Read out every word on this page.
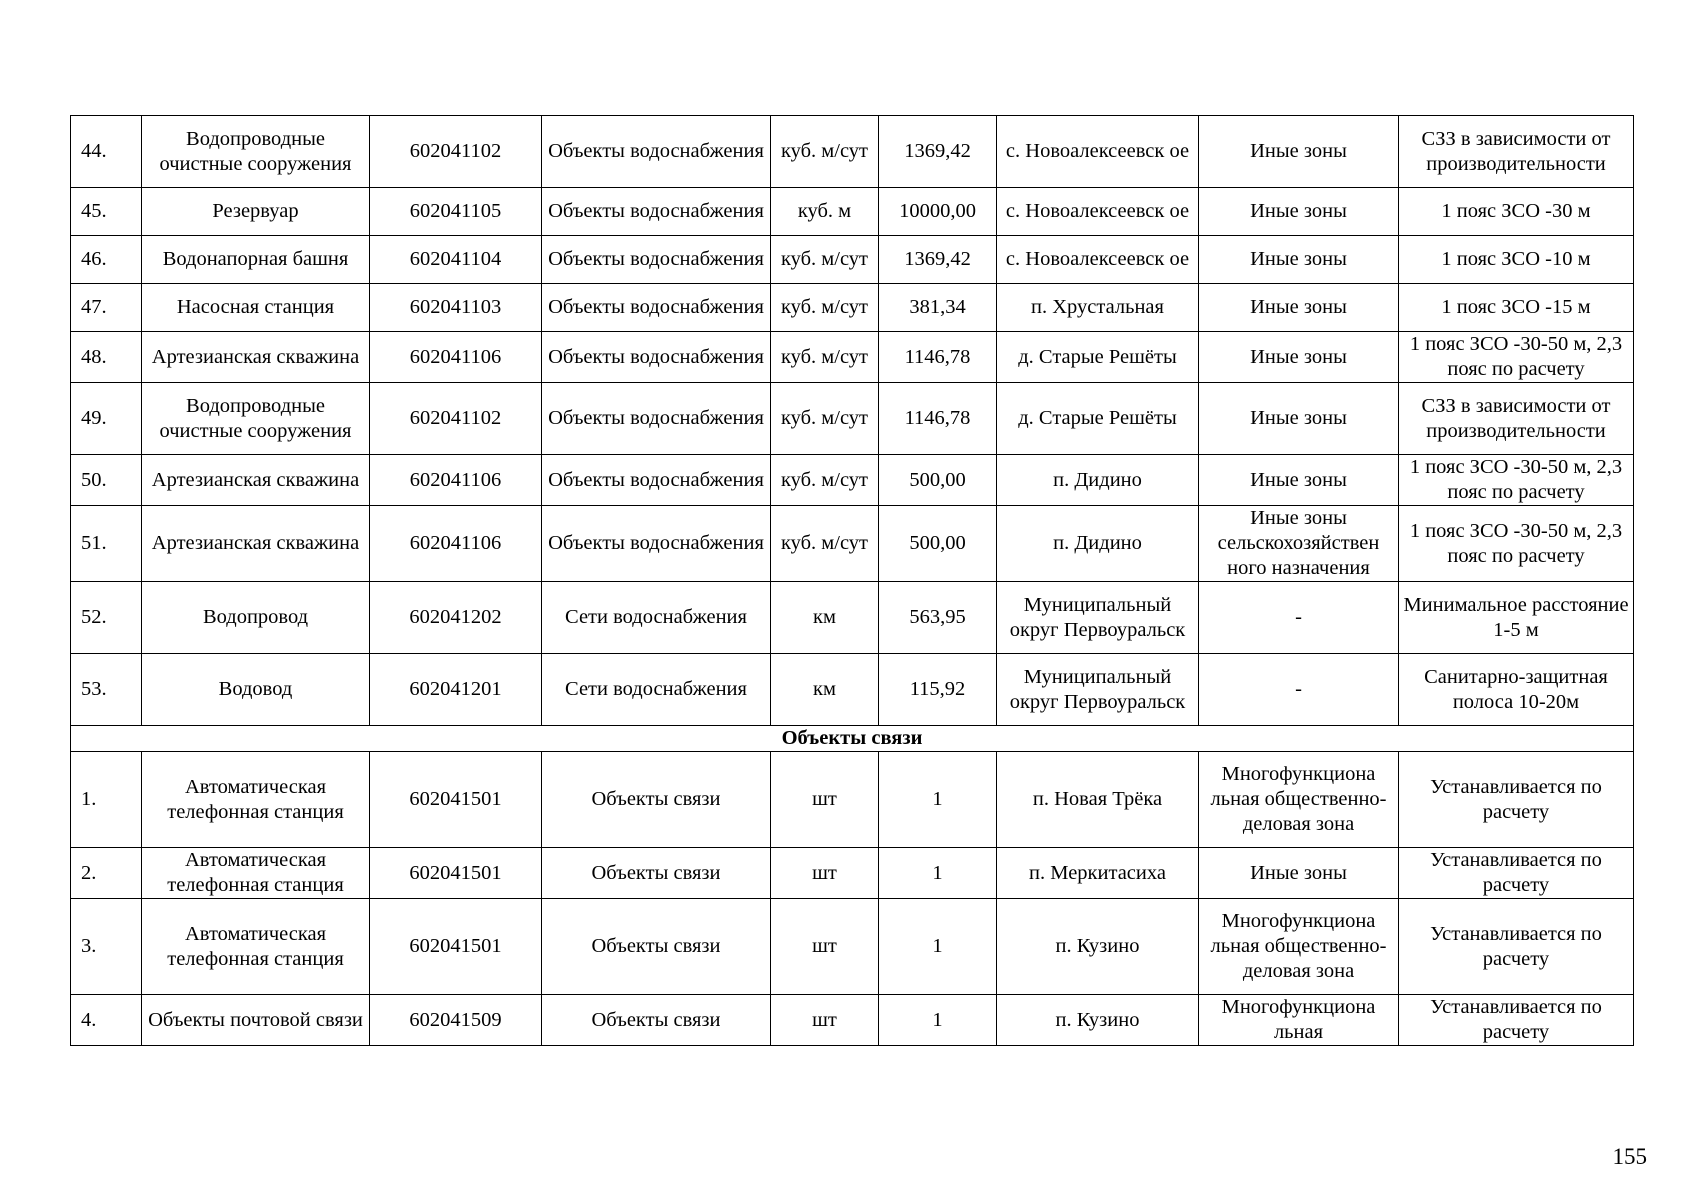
44.	Водопроводные очистные сооружения	602041102	Объекты водоснабжения	куб. м/сут	1369,42	с. Новоалексеевск ое	Иные зоны	СЗЗ в зависимости от производительности
45.	Резервуар	602041105	Объекты водоснабжения	куб. м	10000,00	с. Новоалексеевск ое	Иные зоны	1 пояс ЗСО -30 м
46.	Водонапорная башня	602041104	Объекты водоснабжения	куб. м/сут	1369,42	с. Новоалексеевск ое	Иные зоны	1 пояс ЗСО -10 м
47.	Насосная станция	602041103	Объекты водоснабжения	куб. м/сут	381,34	п. Хрустальная	Иные зоны	1 пояс ЗСО -15 м
48.	Артезианская скважина	602041106	Объекты водоснабжения	куб. м/сут	1146,78	д. Старые Решёты	Иные зоны	1 пояс ЗСО -30-50 м, 2,3 пояс по расчету
49.	Водопроводные очистные сооружения	602041102	Объекты водоснабжения	куб. м/сут	1146,78	д. Старые Решёты	Иные зоны	СЗЗ в зависимости от производительности
50.	Артезианская скважина	602041106	Объекты водоснабжения	куб. м/сут	500,00	п. Дидино	Иные зоны	1 пояс ЗСО -30-50 м, 2,3 пояс по расчету
51.	Артезианская скважина	602041106	Объекты водоснабжения	куб. м/сут	500,00	п. Дидино	Иные зоны сельскохозяйствен ного назначения	1 пояс ЗСО -30-50 м, 2,3 пояс по расчету
52.	Водопровод	602041202	Сети водоснабжения	км	563,95	Муниципальный округ Первоуральск	-	Минимальное расстояние 1-5 м
53.	Водовод	602041201	Сети водоснабжения	км	115,92	Муниципальный округ Первоуральск	-	Санитарно-защитная полоса 10-20м
Объекты связи								
1.	Автоматическая телефонная станция	602041501	Объекты связи	шт	1	п. Новая Трёка	Многофункциона льная общественно-деловая зона	Устанавливается по расчету
2.	Автоматическая телефонная станция	602041501	Объекты связи	шт	1	п. Меркитасиха	Иные зоны	Устанавливается по расчету
3.	Автоматическая телефонная станция	602041501	Объекты связи	шт	1	п. Кузино	Многофункциона льная общественно-деловая зона	Устанавливается по расчету
4.	Объекты почтовой связи	602041509	Объекты связи	шт	1	п. Кузино	Многофункциона льная	Устанавливается по расчету
155
